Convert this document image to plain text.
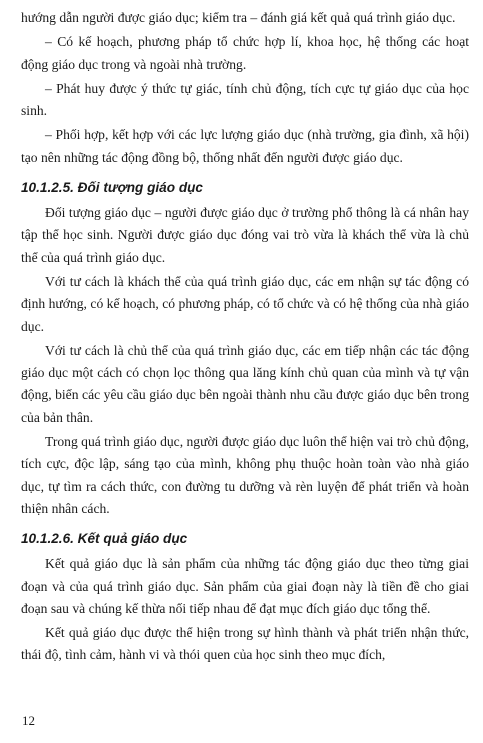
hướng dẫn người được giáo dục; kiểm tra – đánh giá kết quả quá trình giáo dục.

– Có kế hoạch, phương pháp tổ chức hợp lí, khoa học, hệ thống các hoạt động giáo dục trong và ngoài nhà trường.

– Phát huy được ý thức tự giác, tính chủ động, tích cực tự giáo dục của học sinh.

– Phối hợp, kết hợp với các lực lượng giáo dục (nhà trường, gia đình, xã hội) tạo nên những tác động đồng bộ, thống nhất đến người được giáo dục.

10.1.2.5. Đối tượng giáo dục

Đối tượng giáo dục – người được giáo dục ở trường phổ thông là cá nhân hay tập thể học sinh. Người được giáo dục đóng vai trò vừa là khách thể vừa là chủ thể của quá trình giáo dục.

Với tư cách là khách thể của quá trình giáo dục, các em nhận sự tác động có định hướng, có kế hoạch, có phương pháp, có tổ chức và có hệ thống của nhà giáo dục.

Với tư cách là chủ thể của quá trình giáo dục, các em tiếp nhận các tác động giáo dục một cách có chọn lọc thông qua lăng kính chủ quan của mình và tự vận động, biến các yêu cầu giáo dục bên ngoài thành nhu cầu được giáo dục bên trong của bản thân.

Trong quá trình giáo dục, người được giáo dục luôn thể hiện vai trò chủ động, tích cực, độc lập, sáng tạo của mình, không phụ thuộc hoàn toàn vào nhà giáo dục, tự tìm ra cách thức, con đường tu dưỡng và rèn luyện để phát triển và hoàn thiện nhân cách.

10.1.2.6. Kết quả giáo dục

Kết quả giáo dục là sản phẩm của những tác động giáo dục theo từng giai đoạn và của quá trình giáo dục. Sản phẩm của giai đoạn này là tiền đề cho giai đoạn sau và chúng kế thừa nối tiếp nhau để đạt mục đích giáo dục tổng thể.

Kết quả giáo dục được thể hiện trong sự hình thành và phát triển nhận thức, thái độ, tình cảm, hành vi và thói quen của học sinh theo mục đích,

12
